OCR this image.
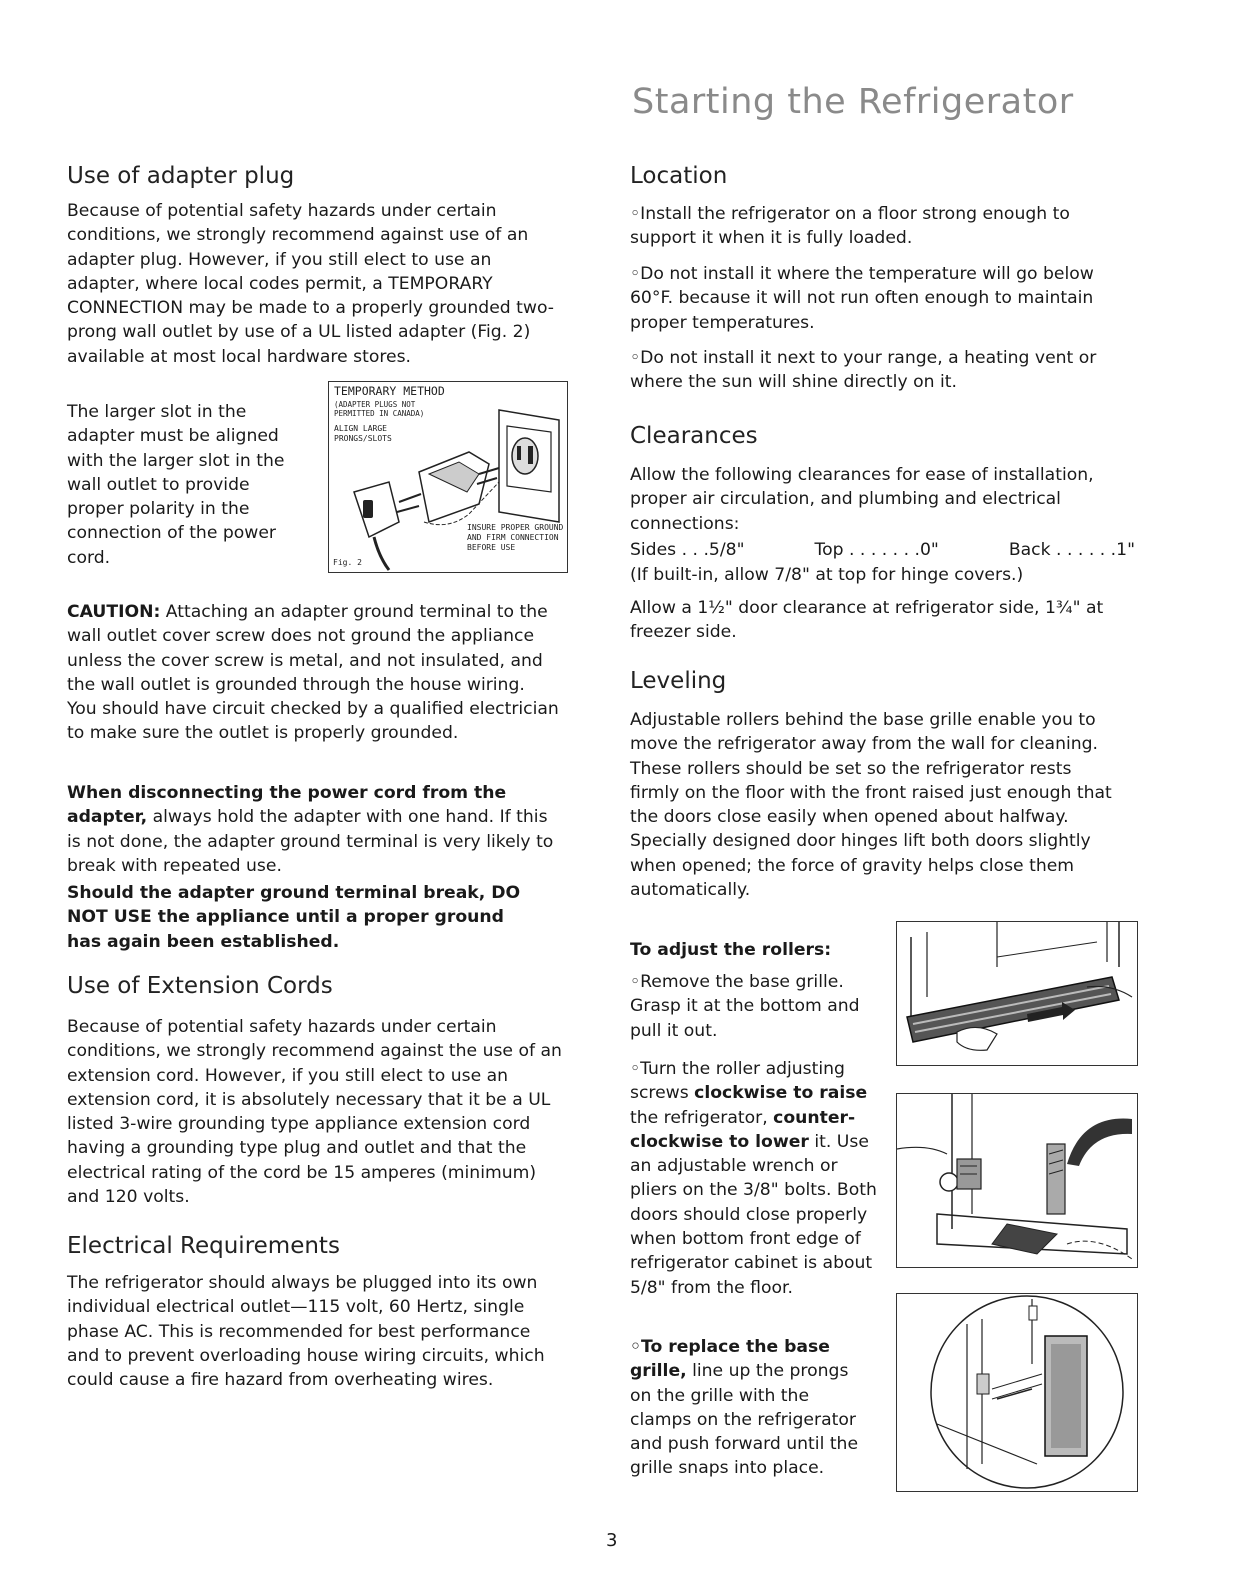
Starting the Refrigerator
Use of adapter plug
Because of potential safety hazards under certain conditions, we strongly recommend against use of an adapter plug. However, if you still elect to use an adapter, where local codes permit, a TEMPORARY CONNECTION may be made to a properly grounded two-prong wall outlet by use of a UL listed adapter (Fig. 2) available at most local hardware stores.
The larger slot in the adapter must be aligned with the larger slot in the wall outlet to provide proper polarity in the connection of the power cord.
TEMPORARY METHOD
(ADAPTER PLUGS NOT PERMITTED IN CANADA)
ALIGN LARGE PRONGS/SLOTS
INSURE PROPER GROUND AND FIRM CONNECTION BEFORE USE
Fig. 2
CAUTION: Attaching an adapter ground terminal to the wall outlet cover screw does not ground the appliance unless the cover screw is metal, and not insulated, and the wall outlet is grounded through the house wiring. You should have circuit checked by a qualified electrician to make sure the outlet is properly grounded.
When disconnecting the power cord from the adapter, always hold the adapter with one hand. If this is not done, the adapter ground terminal is very likely to break with repeated use.
Should the adapter ground terminal break, DO NOT USE the appliance until a proper ground has again been established.
Use of Extension Cords
Because of potential safety hazards under certain conditions, we strongly recommend against the use of an extension cord. However, if you still elect to use an extension cord, it is absolutely necessary that it be a UL listed 3-wire grounding type appliance extension cord having a grounding type plug and outlet and that the electrical rating of the cord be 15 amperes (minimum) and 120 volts.
Electrical Requirements
The refrigerator should always be plugged into its own individual electrical outlet—115 volt, 60 Hertz, single phase AC. This is recommended for best performance and to prevent overloading house wiring circuits, which could cause a fire hazard from overheating wires.
Location
◦ Install the refrigerator on a floor strong enough to support it when it is fully loaded.
◦ Do not install it where the temperature will go below 60°F. because it will not run often enough to maintain proper temperatures.
◦ Do not install it next to your range, a heating vent or where the sun will shine directly on it.
Clearances
Allow the following clearances for ease of installation, proper air circulation, and plumbing and electrical connections:
Sides . . .5/8"	Top . . . . . . .0"	Back . . . . . .1"
(If built-in, allow 7/8" at top for hinge covers.)
Allow a 1½" door clearance at refrigerator side, 1¾" at freezer side.
Leveling
Adjustable rollers behind the base grille enable you to move the refrigerator away from the wall for cleaning. These rollers should be set so the refrigerator rests firmly on the floor with the front raised just enough that the doors close easily when opened about halfway. Specially designed door hinges lift both doors slightly when opened; the force of gravity helps close them automatically.
To adjust the rollers:
◦ Remove the base grille. Grasp it at the bottom and pull it out.
◦ Turn the roller adjusting screws clockwise to raise the refrigerator, counter-clockwise to lower it. Use an adjustable wrench or pliers on the 3/8" bolts. Both doors should close properly when bottom front edge of refrigerator cabinet is about 5/8" from the floor.
◦ To replace the base grille, line up the prongs on the grille with the clamps on the refrigerator and push forward until the grille snaps into place.
3
